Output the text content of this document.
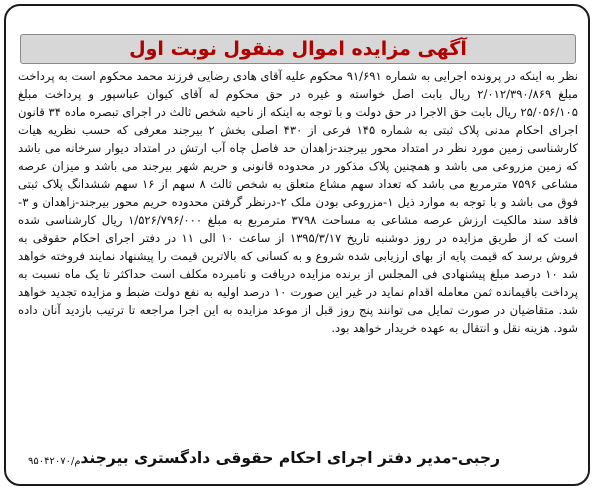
آگهی مزایده اموال منقول نوبت اول

نظر به اینکه در پرونده اجرایی به شماره ۹۱/۶۹۱ محکوم علیه آقای هادی رضایی فرزند محمد محکوم است به پرداخت مبلغ ۲/۰۱۲/۳۹۰/۸۶۹ ریال بابت اصل خواسته و غیره در حق محکوم له آقای کیوان عباسپور و پرداخت مبلغ ۲۵/۰۵۶/۱۰۵ ریال بابت حق الاجرا در حق دولت و با توجه به اینکه از ناحیه شخص ثالث در اجرای تبصره ماده ۳۴ قانون اجرای احکام مدنی پلاک ثبتی به شماره ۱۴۵ فرعی از ۴۳۰ اصلی بخش ۲ بیرجند معرفی که حسب نظریه هیات کارشناسی زمین مورد نظر در امتداد محور بیرجند-زاهدان حد فاصل چاه آب ارتش در امتداد دیوار سرخانه می باشد که زمین مزروعی می باشد و همچنین پلاک مذکور در محدوده قانونی و حریم شهر بیرجند می باشد و میزان عرصه مشاعی ۷۵۹۶ مترمربع می باشد که تعداد سهم مشاع متعلق به شخص ثالث ۸ سهم از ۱۶ سهم ششدانگ پلاک ثبتی فوق می باشد و با توجه به موارد ذیل ۱-مزروعی بودن ملک ۲-درنظر گرفتن محدوده حریم محور بیرجند-زاهدان و ۳-فاقد سند مالکیت ارزش عرصه مشاعی به مساحت ۳۷۹۸ مترمربع به مبلغ ۱/۵۲۶/۷۹۶/۰۰۰ ریال کارشناسی شده است که از طریق مزایده در روز دوشنبه تاریخ ۱۳۹۵/۳/۱۷ از ساعت ۱۰ الی ۱۱ در دفتر اجرای احکام حقوقی به فروش برسد که قیمت پایه از بهای ارزیابی شده شروع و به کسانی که بالاترین قیمت را پیشنهاد نمایند فروخته خواهد شد ۱۰ درصد مبلغ پیشنهادی فی المجلس از برنده مزایده دریافت و نامبرده مکلف است حداکثر تا یک ماه نسبت به پرداخت باقیمانده ثمن معامله اقدام نماید در غیر این صورت ۱۰ درصد اولیه به نفع دولت ضبط و مزایده تجدید خواهد شد. متقاضیان در صورت تمایل می توانند پنج روز قبل از موعد مزایده به این اجرا مراجعه تا ترتیب بازدید آنان داده شود. هزینه نقل و انتقال به عهده خریدار خواهد بود.

رجبی-مدیر دفتر اجرای احکام حقوقی دادگستری بیرجند
م/۹۵۰۴۲۰۷۰
